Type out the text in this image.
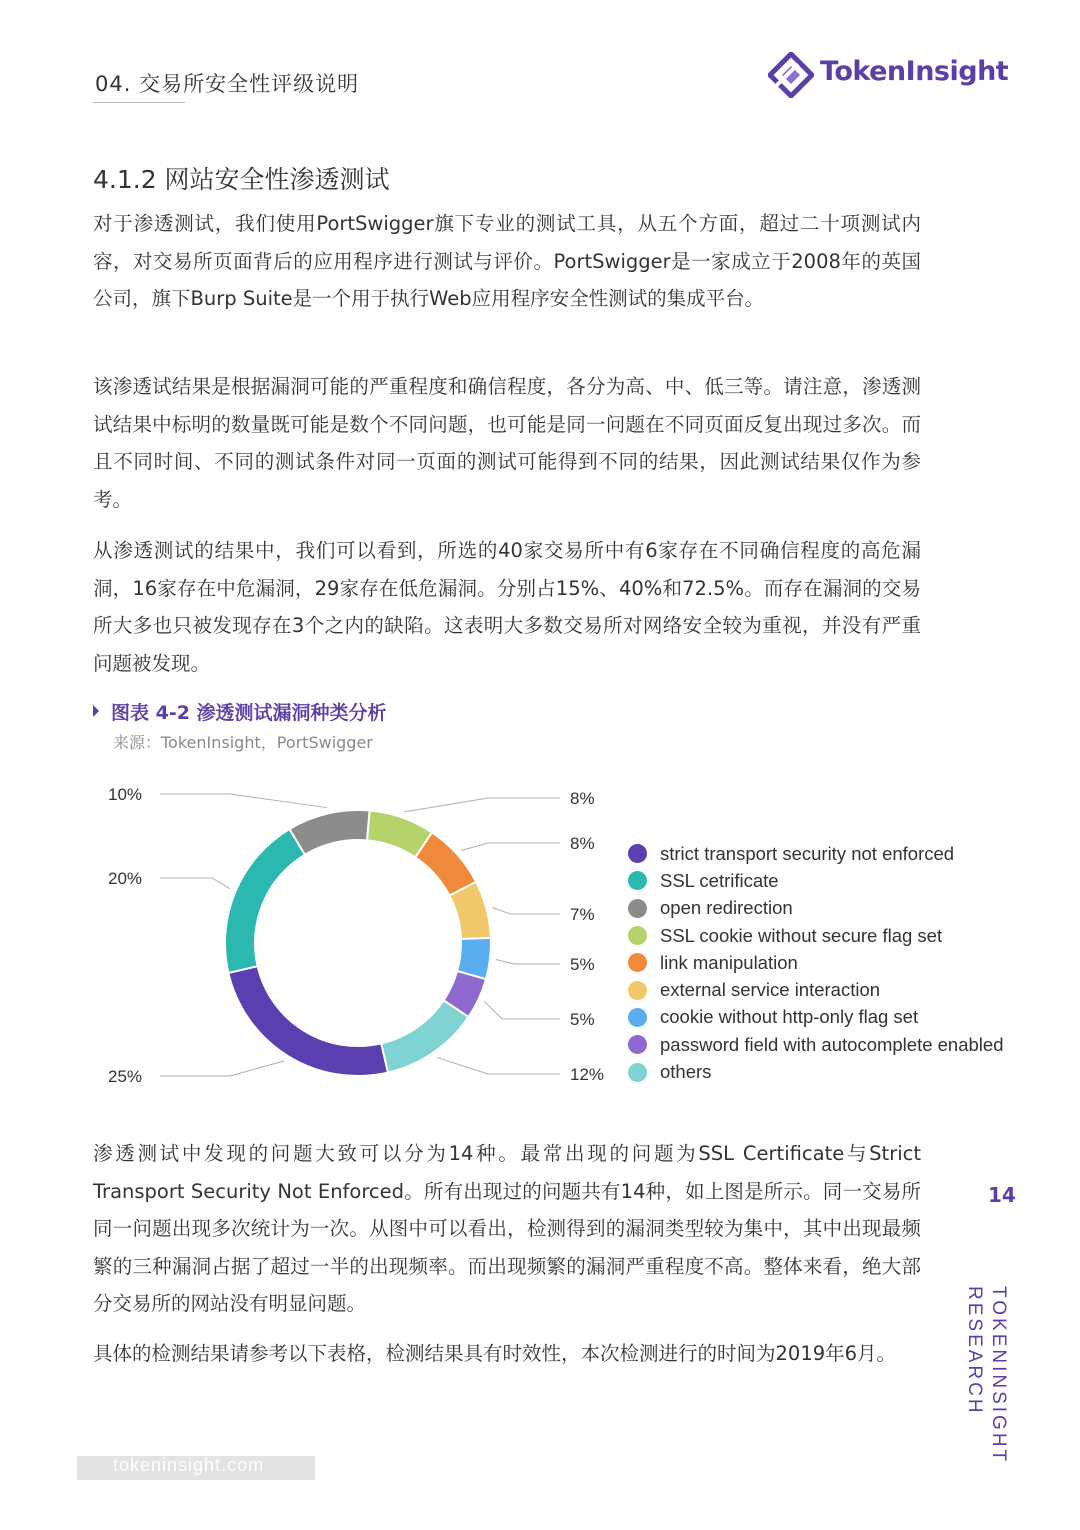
04. 交易所安全性评级说明	TokenInsight
4.1.2 网站安全性渗透测试

对于渗透测试，我们使用PortSwigger旗下专业的测试工具，从五个方面，超过二十项测试内容，对交易所页面背后的应用程序进行测试与评价。PortSwigger是一家成立于2008年的英国公司，旗下Burp Suite是一个用于执行Web应用程序安全性测试的集成平台。

该渗透试结果是根据漏洞可能的严重程度和确信程度，各分为高、中、低三等。请注意，渗透测试结果中标明的数量既可能是数个不同问题，也可能是同一问题在不同页面反复出现过多次。而且不同时间、不同的测试条件对同一页面的测试可能得到不同的结果，因此测试结果仅作为参考。

从渗透测试的结果中，我们可以看到，所选的40家交易所中有6家存在不同确信程度的高危漏洞，16家存在中危漏洞，29家存在低危漏洞。分别占15%、40%和72.5%。而存在漏洞的交易所大多也只被发现存在3个之内的缺陷。这表明大多数交易所对网络安全较为重视，并没有严重问题被发现。

图表 4-2 渗透测试漏洞种类分析
来源：TokenInsight，PortSwigger
8%
8%
7%
5%
5%
12%
25%
20%
10%
strict transport security not enforced
SSL cetrificate
open redirection
SSL cookie without secure flag set
link manipulation
external service interaction
cookie without http-only flag set
password field with autocomplete enabled
others

渗透测试中发现的问题大致可以分为14种。最常出现的问题为SSL Certificate与Strict Transport Security Not Enforced。所有出现过的问题共有14种，如上图是所示。同一交易所同一问题出现多次统计为一次。从图中可以看出，检测得到的漏洞类型较为集中，其中出现最频繁的三种漏洞占据了超过一半的出现频率。而出现频繁的漏洞严重程度不高。整体来看，绝大部分交易所的网站没有明显问题。

具体的检测结果请参考以下表格，检测结果具有时效性，本次检测进行的时间为2019年6月。

14
TOKENINSIGHT
RESEARCH
tokeninsight.com
